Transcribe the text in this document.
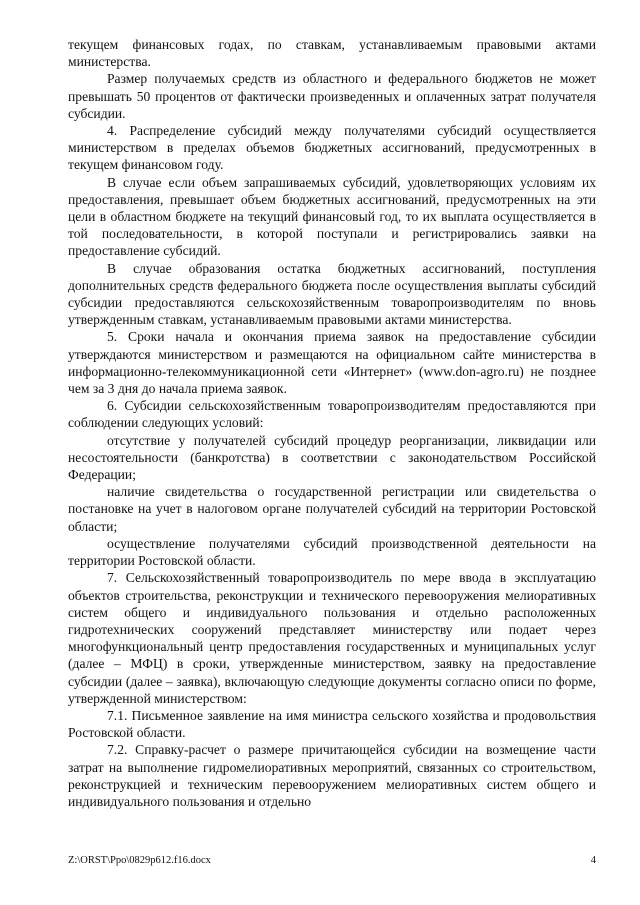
текущем финансовых годах, по ставкам, устанавливаемым правовыми актами министерства.

Размер получаемых средств из областного и федерального бюджетов не может превышать 50 процентов от фактически произведенных и оплаченных затрат получателя субсидии.

4. Распределение субсидий между получателями субсидий осуществляется министерством в пределах объемов бюджетных ассигнований, предусмотренных в текущем финансовом году.

В случае если объем запрашиваемых субсидий, удовлетворяющих условиям их предоставления, превышает объем бюджетных ассигнований, предусмотренных на эти цели в областном бюджете на текущий финансовый год, то их выплата осуществляется в той последовательности, в которой поступали и регистрировались заявки на предоставление субсидий.

В случае образования остатка бюджетных ассигнований, поступления дополнительных средств федерального бюджета после осуществления выплаты субсидий субсидии предоставляются сельскохозяйственным товаропроизводителям по вновь утвержденным ставкам, устанавливаемым правовыми актами министерства.

5. Сроки начала и окончания приема заявок на предоставление субсидии утверждаются министерством и размещаются на официальном сайте министерства в информационно-телекоммуникационной сети «Интернет» (www.don-agro.ru) не позднее чем за 3 дня до начала приема заявок.

6. Субсидии сельскохозяйственным товаропроизводителям предоставляются при соблюдении следующих условий:

отсутствие у получателей субсидий процедур реорганизации, ликвидации или несостоятельности (банкротства) в соответствии с законодательством Российской Федерации;

наличие свидетельства о государственной регистрации или свидетельства о постановке на учет в налоговом органе получателей субсидий на территории Ростовской области;

осуществление получателями субсидий производственной деятельности на территории Ростовской области.

7. Сельскохозяйственный товаропроизводитель по мере ввода в эксплуатацию объектов строительства, реконструкции и технического перевооружения мелиоративных систем общего и индивидуального пользования и отдельно расположенных гидротехнических сооружений представляет министерству или подает через многофункциональный центр предоставления государственных и муниципальных услуг (далее – МФЦ) в сроки, утвержденные министерством, заявку на предоставление субсидии (далее – заявка), включающую следующие документы согласно описи по форме, утвержденной министерством:

7.1. Письменное заявление на имя министра сельского хозяйства и продовольствия Ростовской области.

7.2. Справку-расчет о размере причитающейся субсидии на возмещение части затрат на выполнение гидромелиоративных мероприятий, связанных со строительством, реконструкцией и техническим перевооружением мелиоративных систем общего и индивидуального пользования и отдельно

Z:\ORST\Ppo\0829p612.f16.docx	4
